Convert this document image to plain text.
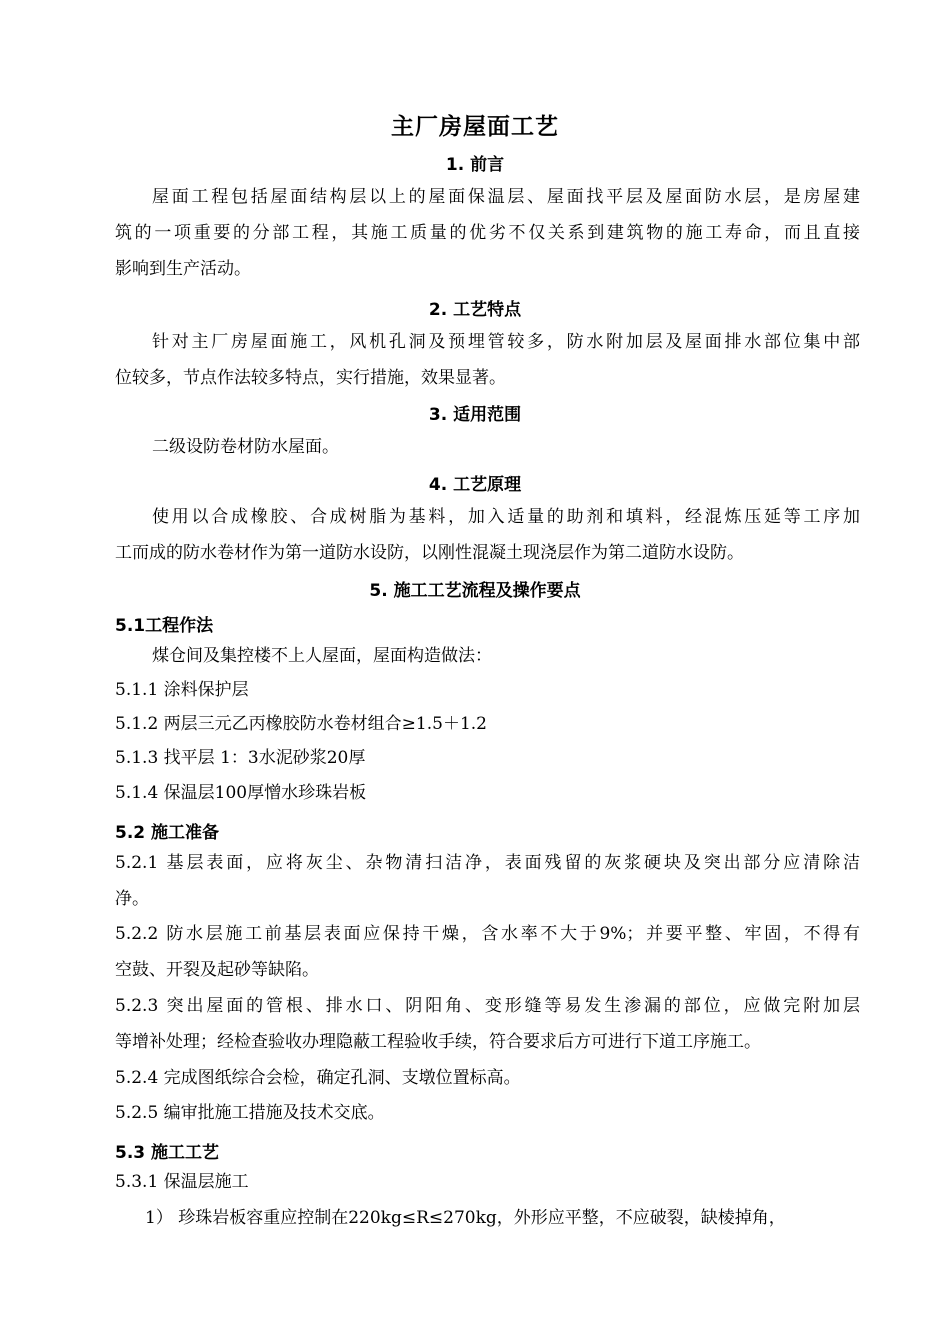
主厂房屋面工艺
1. 前言
屋面工程包括屋面结构层以上的屋面保温层、屋面找平层及屋面防水层，是房屋建
筑的一项重要的分部工程，其施工质量的优劣不仅关系到建筑物的施工寿命，而且直接
影响到生产活动。
2. 工艺特点
针对主厂房屋面施工，风机孔洞及预埋管较多，防水附加层及屋面排水部位集中部
位较多，节点作法较多特点，实行措施，效果显著。
3. 适用范围
二级设防卷材防水屋面。
4. 工艺原理
使用以合成橡胶、合成树脂为基料，加入适量的助剂和填料，经混炼压延等工序加
工而成的防水卷材作为第一道防水设防，以刚性混凝土现浇层作为第二道防水设防。
5. 施工工艺流程及操作要点
5.1工程作法
煤仓间及集控楼不上人屋面，屋面构造做法：
5.1.1 涂料保护层
5.1.2 两层三元乙丙橡胶防水卷材组合≥1.5＋1.2
5.1.3 找平层 1：3水泥砂浆20厚
5.1.4 保温层100厚憎水珍珠岩板
5.2 施工准备
5.2.1 基层表面，应将灰尘、杂物清扫洁净，表面残留的灰浆硬块及突出部分应清除洁
净。
5.2.2 防水层施工前基层表面应保持干燥，含水率不大于9%；并要平整、牢固，不得有
空鼓、开裂及起砂等缺陷。
5.2.3 突出屋面的管根、排水口、阴阳角、变形缝等易发生渗漏的部位，应做完附加层
等增补处理；经检查验收办理隐蔽工程验收手续，符合要求后方可进行下道工序施工。
5.2.4 完成图纸综合会检，确定孔洞、支墩位置标高。
5.2.5 编审批施工措施及技术交底。
5.3 施工工艺
5.3.1 保温层施工
1） 珍珠岩板容重应控制在220kg≤R≤270kg，外形应平整，不应破裂，缺棱掉角，
